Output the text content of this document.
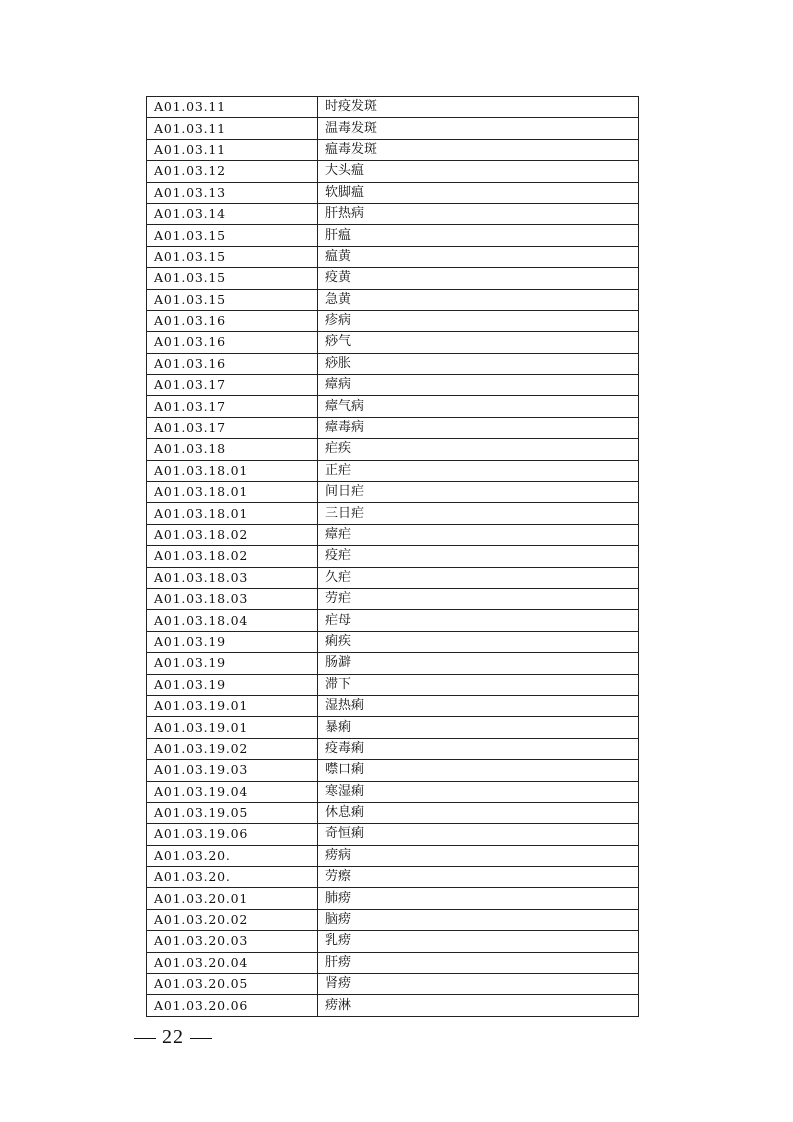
A01.03.11	时疫发斑
A01.03.11	温毒发斑
A01.03.11	瘟毒发斑
A01.03.12	大头瘟
A01.03.13	软脚瘟
A01.03.14	肝热病
A01.03.15	肝瘟
A01.03.15	瘟黄
A01.03.15	疫黄
A01.03.15	急黄
A01.03.16	疹病
A01.03.16	痧气
A01.03.16	痧胀
A01.03.17	瘴病
A01.03.17	瘴气病
A01.03.17	瘴毒病
A01.03.18	疟疾
A01.03.18.01	正疟
A01.03.18.01	间日疟
A01.03.18.01	三日疟
A01.03.18.02	瘴疟
A01.03.18.02	疫疟
A01.03.18.03	久疟
A01.03.18.03	劳疟
A01.03.18.04	疟母
A01.03.19	痢疾
A01.03.19	肠澼
A01.03.19	滞下
A01.03.19.01	湿热痢
A01.03.19.01	暴痢
A01.03.19.02	疫毒痢
A01.03.19.03	噤口痢
A01.03.19.04	寒湿痢
A01.03.19.05	休息痢
A01.03.19.06	奇恒痢
A01.03.20.	痨病
A01.03.20.	劳瘵
A01.03.20.01	肺痨
A01.03.20.02	脑痨
A01.03.20.03	乳痨
A01.03.20.04	肝痨
A01.03.20.05	肾痨
A01.03.20.06	痨淋
22
